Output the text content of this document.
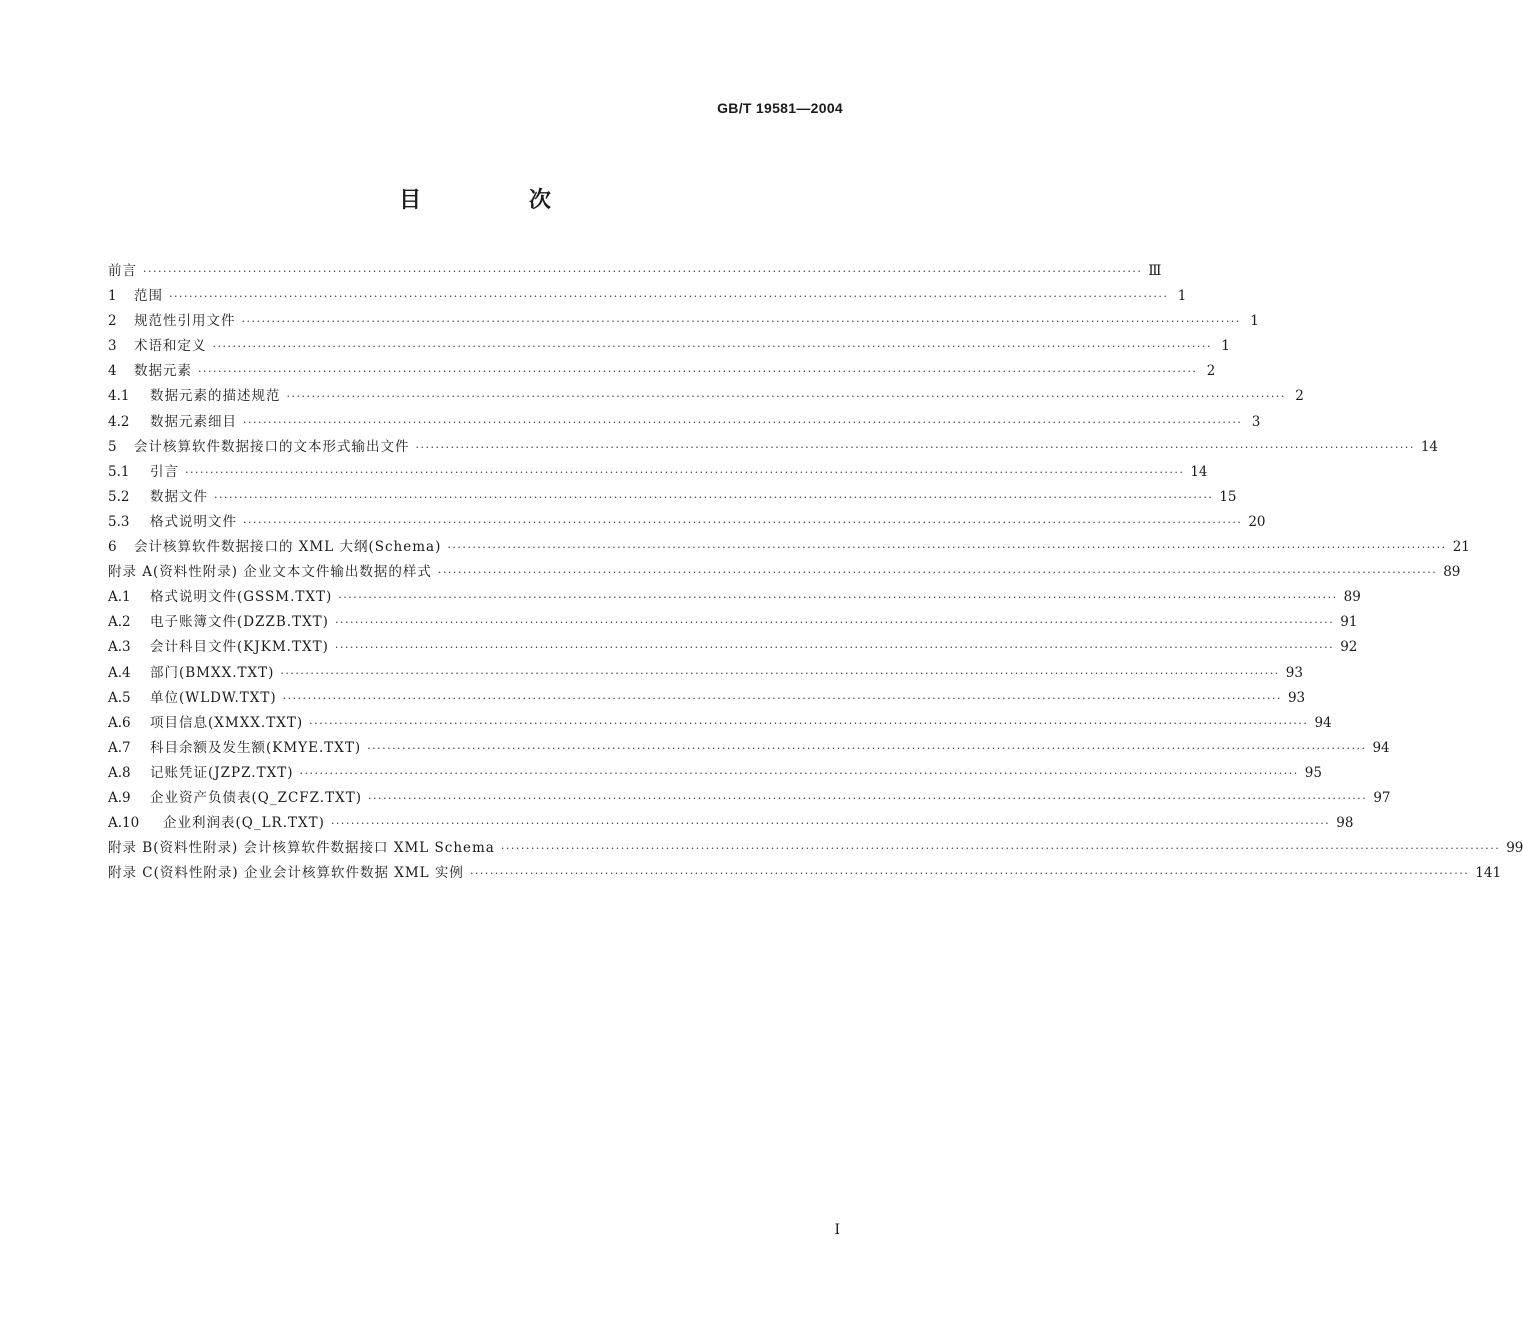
GB/T 19581—2004
目 次
前言 ········································································································································································································ Ⅲ
1	范围 ········································································································································································································ 1
2	规范性引用文件 ········································································································································································································ 1
3	术语和定义 ········································································································································································································ 1
4	数据元素 ········································································································································································································ 2
4.1	数据元素的描述规范 ········································································································································································································ 2
4.2	数据元素细目 ········································································································································································································ 3
5	会计核算软件数据接口的文本形式输出文件 ········································································································································································································ 14
5.1	引言 ········································································································································································································ 14
5.2	数据文件 ········································································································································································································ 15
5.3	格式说明文件 ········································································································································································································ 20
6	会计核算软件数据接口的 XML 大纲(Schema) ········································································································································································································ 21
附录 A(资料性附录) 企业文本文件输出数据的样式 ········································································································································································································ 89
A.1	格式说明文件(GSSM.TXT) ········································································································································································································ 89
A.2	电子账簿文件(DZZB.TXT) ········································································································································································································ 91
A.3	会计科目文件(KJKM.TXT) ········································································································································································································ 92
A.4	部门(BMXX.TXT) ········································································································································································································ 93
A.5	单位(WLDW.TXT) ········································································································································································································ 93
A.6	项目信息(XMXX.TXT) ········································································································································································································ 94
A.7	科目余额及发生额(KMYE.TXT) ········································································································································································································ 94
A.8	记账凭证(JZPZ.TXT) ········································································································································································································ 95
A.9	企业资产负债表(Q_ZCFZ.TXT) ········································································································································································································ 97
A.10	企业利润表(Q_LR.TXT) ········································································································································································································ 98
附录 B(资料性附录) 会计核算软件数据接口 XML Schema ········································································································································································································ 99
附录 C(资料性附录) 企业会计核算软件数据 XML 实例 ········································································································································································································ 141
I
